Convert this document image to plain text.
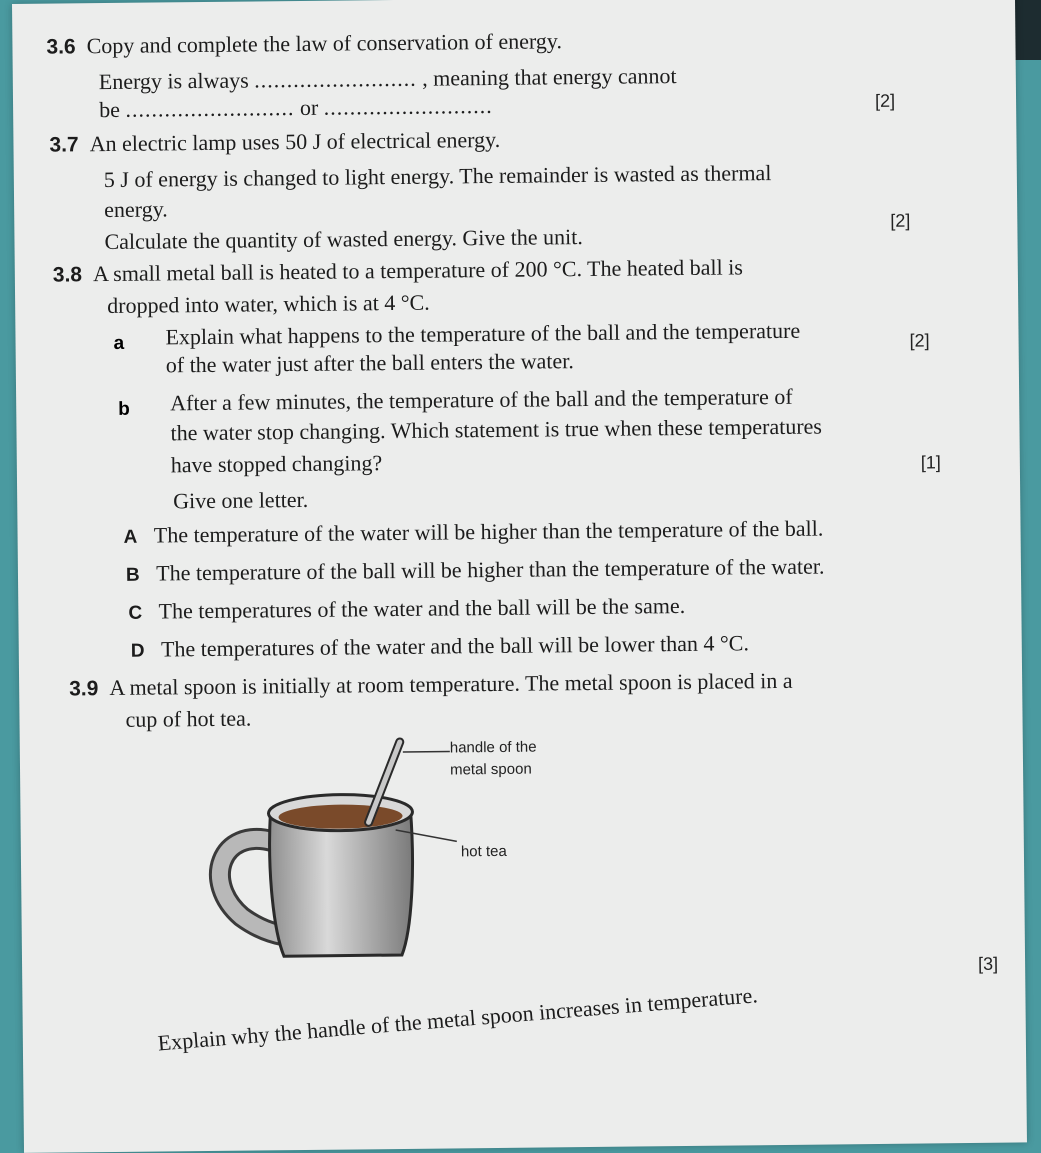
3.6 Copy and complete the law of conservation of energy.
Energy is always ......................... , meaning that energy cannot
be .......................... or ..........................	[2]
3.7 An electric lamp uses 50 J of electrical energy.
5 J of energy is changed to light energy. The remainder is wasted as thermal
energy.
Calculate the quantity of wasted energy. Give the unit.
[2]
3.8 A small metal ball is heated to a temperature of 200 °C. The heated ball is
dropped into water, which is at 4 °C.
a Explain what happens to the temperature of the ball and the temperature
of the water just after the ball enters the water.
[2]
b After a few minutes, the temperature of the ball and the temperature of
the water stop changing. Which statement is true when these temperatures
have stopped changing?	[1]
Give one letter.
A The temperature of the water will be higher than the temperature of the ball.
B The temperature of the ball will be higher than the temperature of the water.
C The temperatures of the water and the ball will be the same.
D The temperatures of the water and the ball will be lower than 4 °C.
3.9 A metal spoon is initially at room temperature. The metal spoon is placed in a
cup of hot tea.
handle of the
metal spoon
hot tea
[3]
Explain why the handle of the metal spoon increases in temperature.
